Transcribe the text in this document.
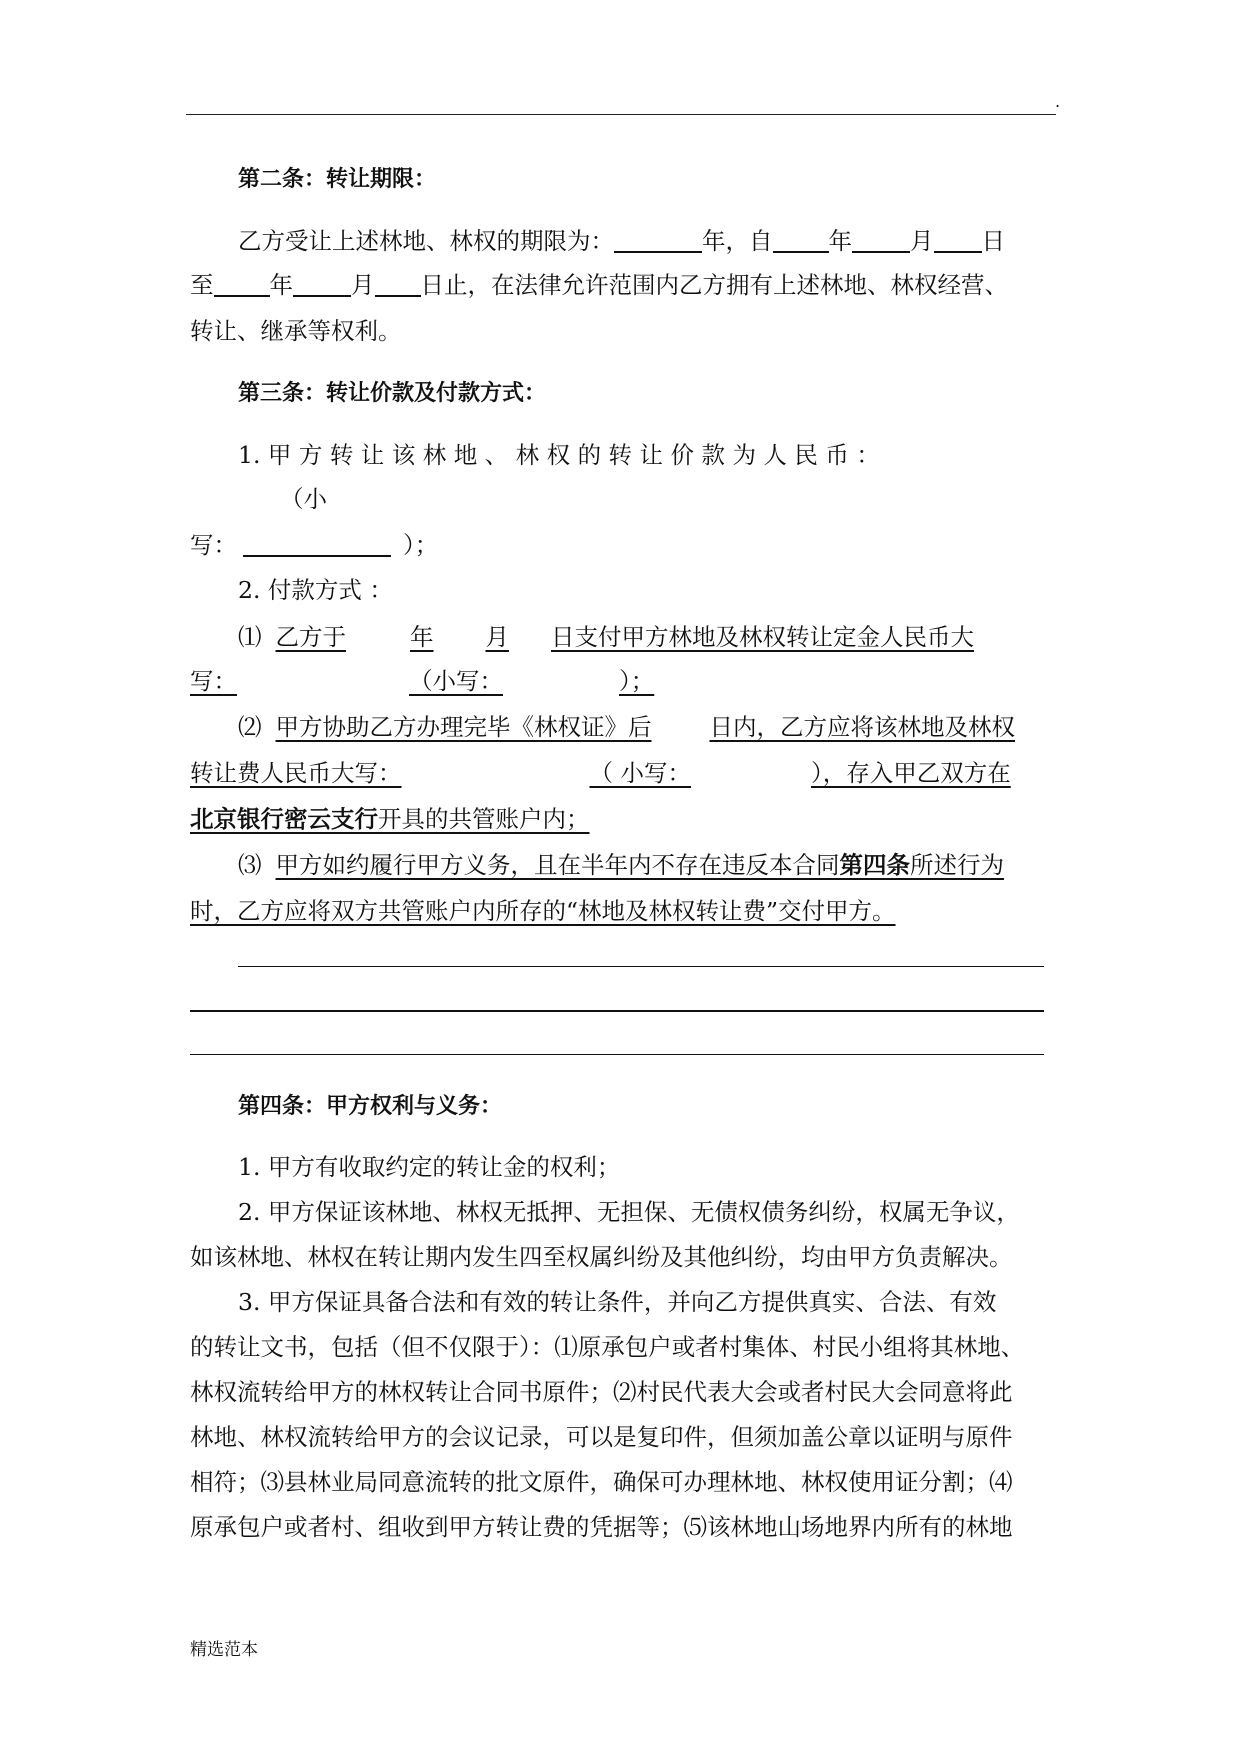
.
第二条：转让期限：
乙方受让上述林地、林权的期限为：	年，自 年 月 日
至 年 月 日止，在法律允许范围内乙方拥有上述林地、林权经营、
转让、继承等权利。
第三条：转让价款及付款方式：
1. 甲 方 转 让 该 林 地 、 林 权 的 转 让 价 款 为 人 民 币 ：
（小
写：	）；
2. 付款方式 ：
⑴ 乙方于	年 月 日支付甲方林地及林权转让定金人民币大
写：	（小写：	）；
⑵ 甲方协助乙方办理完毕《林权证》后 日内，乙方应将该林地及林权
转让费人民币大写：	（ 小写：	），存入甲乙双方在
北京银行密云支行开具的共管账户内；
⑶ 甲方如约履行甲方义务，且在半年内不存在违反本合同第四条所述行为
时，乙方应将双方共管账户内所存的“林地及林权转让费”交付甲方。
第四条：甲方权利与义务：
1. 甲方有收取约定的转让金的权利；
2. 甲方保证该林地、林权无抵押、无担保、无债权债务纠纷，权属无争议，
如该林地、林权在转让期内发生四至权属纠纷及其他纠纷，均由甲方负责解决。
3. 甲方保证具备合法和有效的转让条件，并向乙方提供真实、合法、有效
的转让文书，包括（但不仅限于）：⑴原承包户或者村集体、村民小组将其林地、
林权流转给甲方的林权转让合同书原件；⑵村民代表大会或者村民大会同意将此
林地、林权流转给甲方的会议记录，可以是复印件，但须加盖公章以证明与原件
相符；⑶县林业局同意流转的批文原件，确保可办理林地、林权使用证分割；⑷
原承包户或者村、组收到甲方转让费的凭据等；⑸该林地山场地界内所有的林地
精选范本
